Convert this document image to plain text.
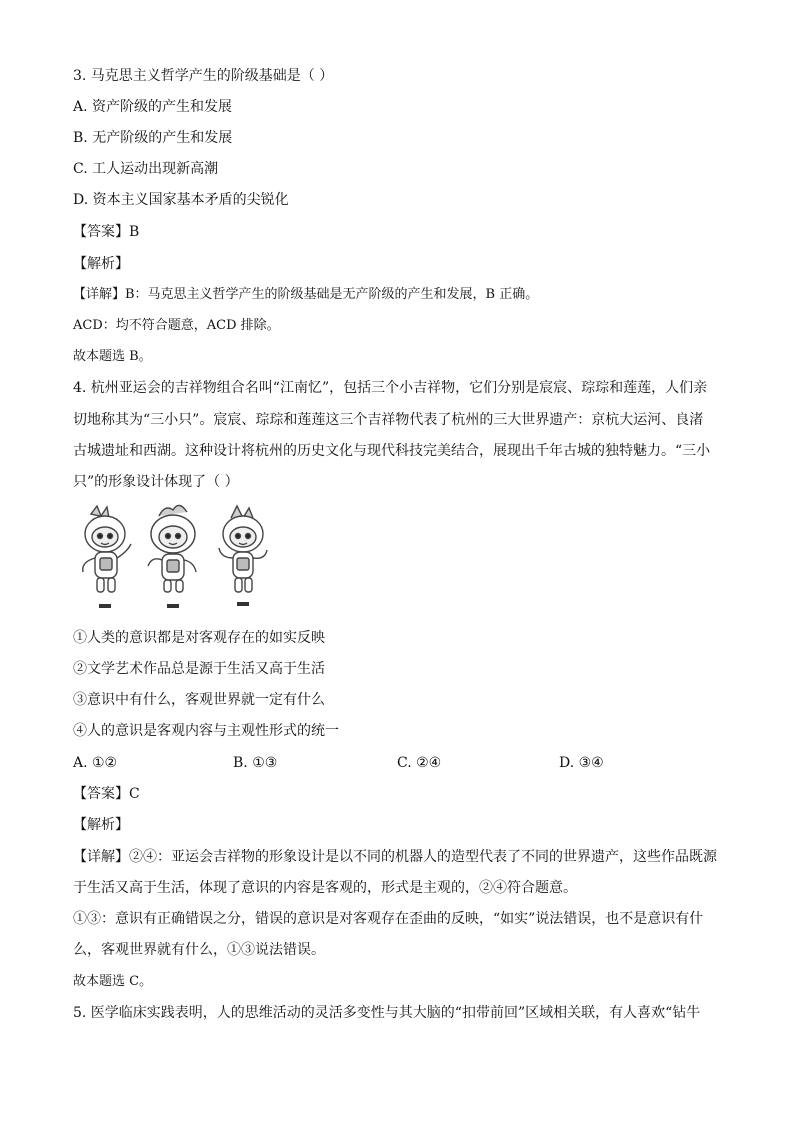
3. 马克思主义哲学产生的阶级基础是（ ）
A. 资产阶级的产生和发展
B. 无产阶级的产生和发展
C. 工人运动出现新高潮
D. 资本主义国家基本矛盾的尖锐化
【答案】B
【解析】
【详解】B：马克思主义哲学产生的阶级基础是无产阶级的产生和发展，B 正确。
ACD：均不符合题意，ACD 排除。
故本题选 B。
4. 杭州亚运会的吉祥物组合名叫“江南忆”，包括三个小吉祥物，它们分别是宸宸、琮琮和莲莲，人们亲
切地称其为“三小只”。宸宸、琮琮和莲莲这三个吉祥物代表了杭州的三大世界遗产：京杭大运河、良渚
古城遗址和西湖。这种设计将杭州的历史文化与现代科技完美结合，展现出千年古城的独特魅力。“三小
只”的形象设计体现了（ ）
①人类的意识都是对客观存在的如实反映
②文学艺术作品总是源于生活又高于生活
③意识中有什么，客观世界就一定有什么
④人的意识是客观内容与主观性形式的统一
A. ①②	B. ①③	C. ②④	D. ③④
【答案】C
【解析】
【详解】②④：亚运会吉祥物的形象设计是以不同的机器人的造型代表了不同的世界遗产，这些作品既源
于生活又高于生活，体现了意识的内容是客观的，形式是主观的，②④符合题意。
①③：意识有正确错误之分，错误的意识是对客观存在歪曲的反映，“如实”说法错误，也不是意识有什
么，客观世界就有什么，①③说法错误。
故本题选 C。
5. 医学临床实践表明，人的思维活动的灵活多变性与其大脑的“扣带前回”区域相关联，有人喜欢“钻牛
